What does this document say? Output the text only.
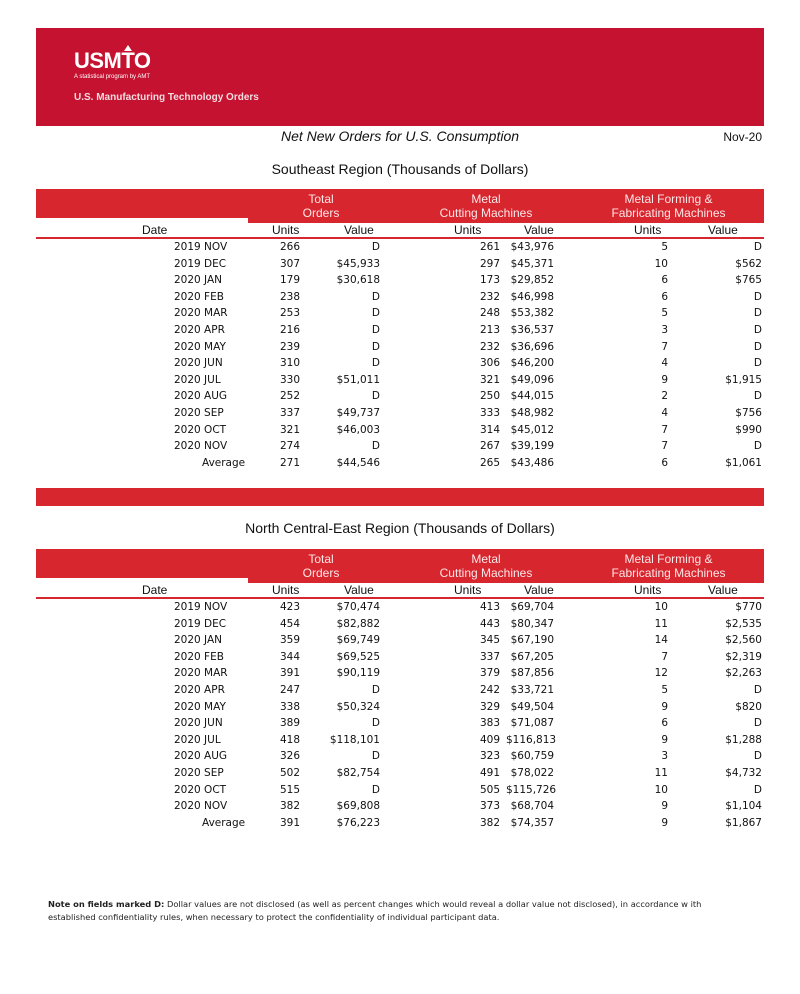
USMTO
A statistical program by AMT
U.S. Manufacturing Technology Orders
Net New Orders for U.S. Consumption	Nov-20
Southeast Region (Thousands of Dollars)
Total
Orders
Metal
Cutting Machines
Metal Forming &
Fabricating Machines
Date	Units	Value	Units	Value	Units	Value
2019 NOV	266	D	261	$43,976	5	D
2019 DEC	307	$45,933	297	$45,371	10	$562
2020 JAN	179	$30,618	173	$29,852	6	$765
2020 FEB	238	D	232	$46,998	6	D
2020 MAR	253	D	248	$53,382	5	D
2020 APR	216	D	213	$36,537	3	D
2020 MAY	239	D	232	$36,696	7	D
2020 JUN	310	D	306	$46,200	4	D
2020 JUL	330	$51,011	321	$49,096	9	$1,915
2020 AUG	252	D	250	$44,015	2	D
2020 SEP	337	$49,737	333	$48,982	4	$756
2020 OCT	321	$46,003	314	$45,012	7	$990
2020 NOV	274	D	267	$39,199	7	D
Average	271	$44,546	265	$43,486	6	$1,061
North Central-East Region (Thousands of Dollars)
Total
Orders
Metal
Cutting Machines
Metal Forming &
Fabricating Machines
Date	Units	Value	Units	Value	Units	Value
2019 NOV	423	$70,474	413	$69,704	10	$770
2019 DEC	454	$82,882	443	$80,347	11	$2,535
2020 JAN	359	$69,749	345	$67,190	14	$2,560
2020 FEB	344	$69,525	337	$67,205	7	$2,319
2020 MAR	391	$90,119	379	$87,856	12	$2,263
2020 APR	247	D	242	$33,721	5	D
2020 MAY	338	$50,324	329	$49,504	9	$820
2020 JUN	389	D	383	$71,087	6	D
2020 JUL	418	$118,101	409 $116,813	9	$1,288
2020 AUG	326	D	323	$60,759	3	D
2020 SEP	502	$82,754	491	$78,022	11	$4,732
2020 OCT	515	D	505 $115,726	10	D
2020 NOV	382	$69,808	373	$68,704	9	$1,104
Average	391	$76,223	382	$74,357	9	$1,867
Note on fields marked D: Dollar values are not disclosed (as well as percent changes which would reveal a dollar value not disclosed), in accordance w ith established confidentiality rules, when necessary to protect the confidentiality of individual participant data.
